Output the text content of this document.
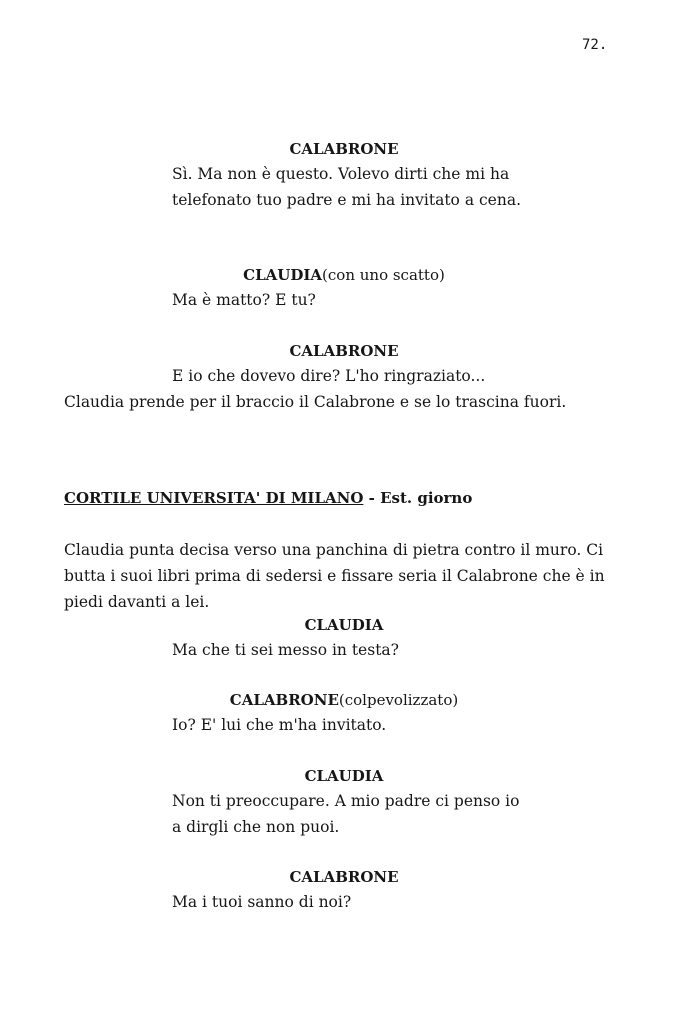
72.
CALABRONE
Sì. Ma non è questo. Volevo dirti che mi ha telefonato tuo padre e mi ha invitato a cena.
CLAUDIA(con uno scatto)
Ma è matto? E tu?
CALABRONE
E io che dovevo dire? L'ho ringraziato...
Claudia prende per il braccio il Calabrone e se lo trascina fuori.
CORTILE UNIVERSITA' DI MILANO - Est. giorno
Claudia punta decisa verso una panchina di pietra contro il muro. Ci butta i suoi libri prima di sedersi e fissare seria il Calabrone che è in piedi davanti a lei.
CLAUDIA
Ma che ti sei messo in testa?
CALABRONE(colpevolizzato)
Io? E' lui che m'ha invitato.
CLAUDIA
Non ti preoccupare. A mio padre ci penso io a dirgli che non puoi.
CALABRONE
Ma i tuoi sanno di noi?
